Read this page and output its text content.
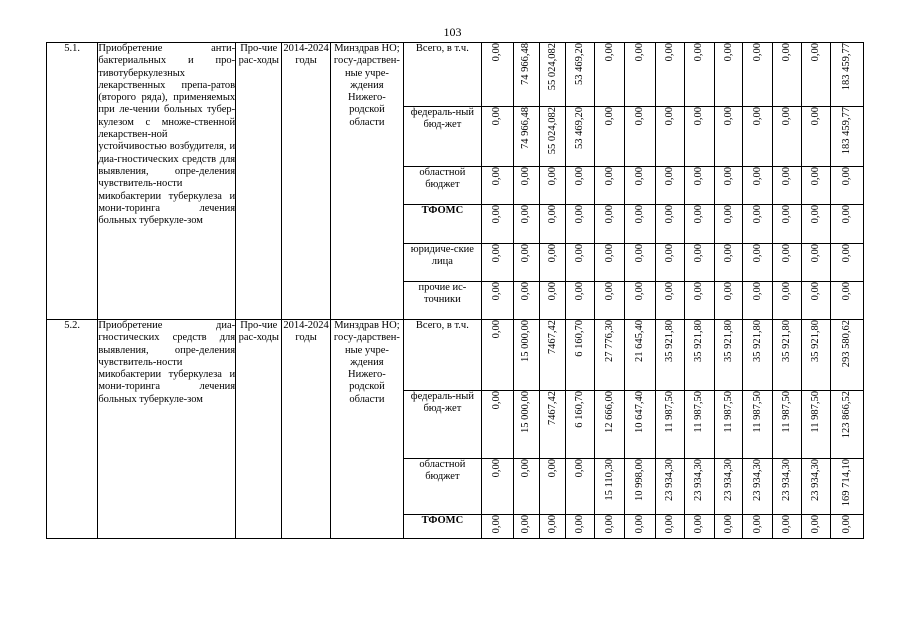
103
5.1.	Приобретение анти-бактериальных и про-тивотуберкулезных лекарственных препа-ратов (второго ряда), применяемых при ле-чении больных тубер-кулезом с множе-ственной лекарствен-ной устойчивостью возбудителя, и диа-гностических средств для выявления, опре-деления чувствитель-ности микобактерии туберкулеза и мони-торинга лечения больных туберкуле-зом	Про-чие рас-ходы	2014-2024 годы	Минздрав НО; госу-дарствен-ные учре-ждения Нижего-родской области	Всего, в т.ч.	0,00	74 966,48	55 024,082	53 469,20	0,00	0,00	0,00	0,00	0,00	0,00	0,00	0,00	183 459,77
					федераль-ный бюд-жет	0,00	74 966,48	55 024,082	53 469,20	0,00	0,00	0,00	0,00	0,00	0,00	0,00	0,00	183 459,77
					областной бюджет	0,00	0,00	0,00	0,00	0,00	0,00	0,00	0,00	0,00	0,00	0,00	0,00	0,00
					ТФОМС	0,00	0,00	0,00	0,00	0,00	0,00	0,00	0,00	0,00	0,00	0,00	0,00	0,00
					юридиче-ские лица	0,00	0,00	0,00	0,00	0,00	0,00	0,00	0,00	0,00	0,00	0,00	0,00	0,00
					прочие ис-точники	0,00	0,00	0,00	0,00	0,00	0,00	0,00	0,00	0,00	0,00	0,00	0,00	0,00
5.2.	Приобретение диа-гностических средств для выявления, опре-деления чувствитель-ности микобактерии туберкулеза и мони-торинга лечения больных туберкуле-зом	Про-чие рас-ходы	2014-2024 годы	Минздрав НО; госу-дарствен-ные учре-ждения Нижего-родской области	Всего, в т.ч.	0,00	15 000,00	7467,42	6 160,70	27 776,30	21 645,40	35 921,80	35 921,80	35 921,80	35 921,80	35 921,80	35 921,80	293 580,62
					федераль-ный бюд-жет	0,00	15 000,00	7467,42	6 160,70	12 666,00	10 647,40	11 987,50	11 987,50	11 987,50	11 987,50	11 987,50	11 987,50	123 866,52
					областной бюджет	0,00	0,00	0,00	0,00	15 110,30	10 998,00	23 934,30	23 934,30	23 934,30	23 934,30	23 934,30	23 934,30	169 714,10
					ТФОМС	0,00	0,00	0,00	0,00	0,00	0,00	0,00	0,00	0,00	0,00	0,00	0,00	0,00
